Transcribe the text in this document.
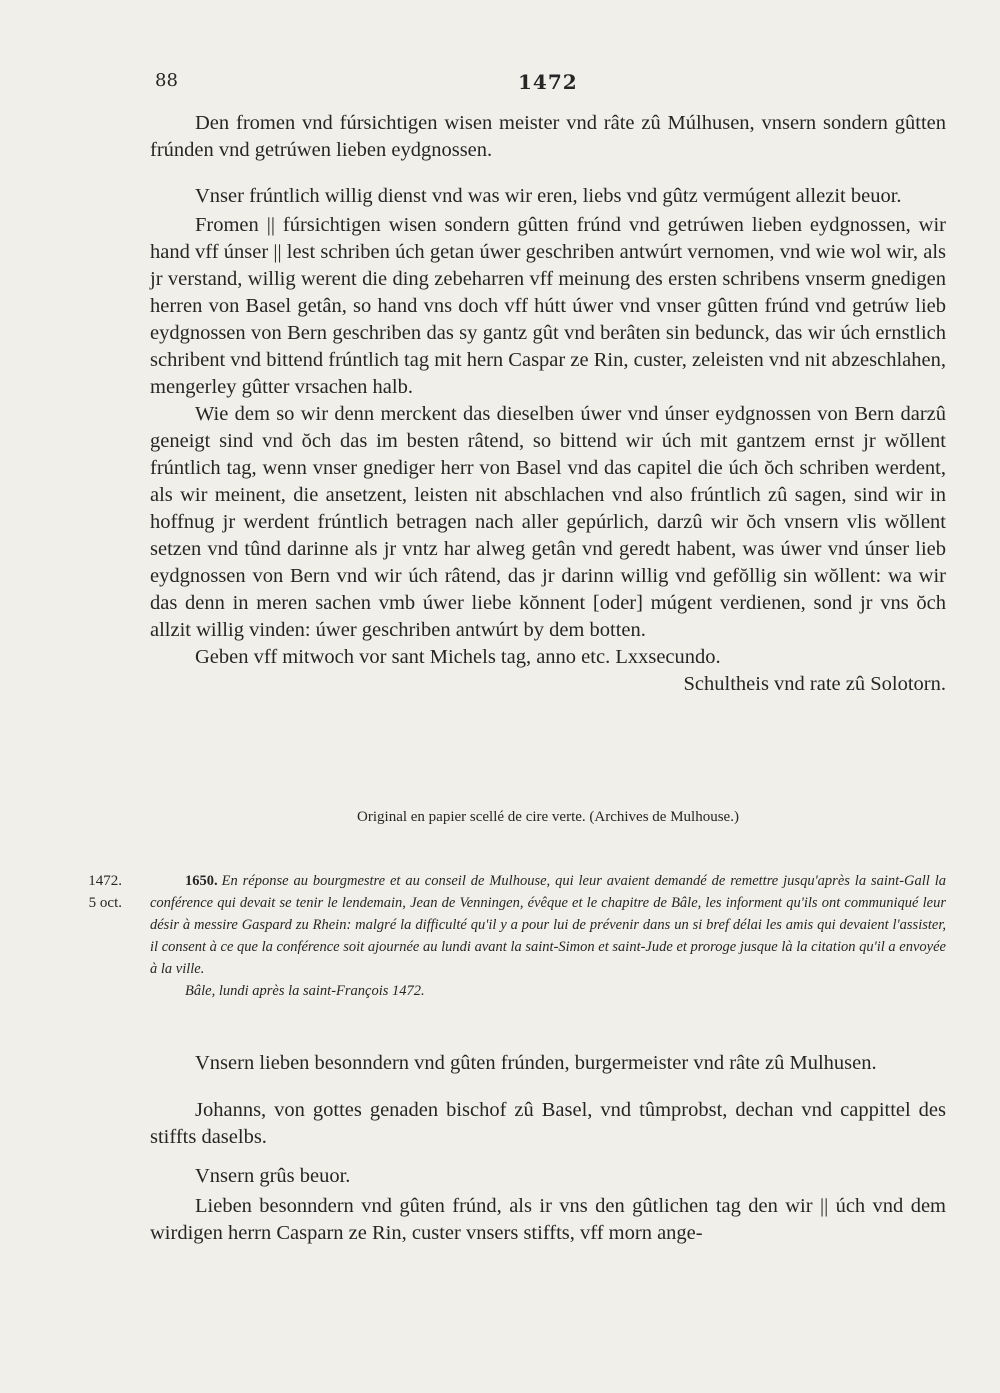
88	1472

Den fromen vnd fúrsichtigen wisen meister vnd râte zû Múlhusen, vnsern sondern gûtten frúnden vnd getrúwen lieben eydgnossen.

Vnser frúntlich willig dienst vnd was wir eren, liebs vnd gûtz vermúgent allezit beuor.

Fromen || fúrsichtigen wisen sondern gûtten frúnd vnd getrúwen lieben eydgnossen, wir hand vff únser || lest schriben úch getan úwer geschriben antwúrt vernomen, vnd wie wol wir, als jr verstand, willig werent die ding zebeharren vff meinung des ersten schribens vnserm gnedigen herren von Basel getân, so hand vns doch vff hútt úwer vnd vnser gûtten frúnd vnd getrúw lieb eydgnossen von Bern geschriben das sy gantz gût vnd berâten sin bedunck, das wir úch ernstlich schribent vnd bittend frúntlich tag mit hern Caspar ze Rin, custer, zeleisten vnd nit abzeschlahen, mengerley gûtter vrsachen halb.

Wie dem so wir denn merckent das dieselben úwer vnd únser eydgnossen von Bern darzû geneigt sind vnd ŏch das im besten râtend, so bittend wir úch mit gantzem ernst jr wŏllent frúntlich tag, wenn vnser gnediger herr von Basel vnd das capitel die úch ŏch schriben werdent, als wir meinent, die ansetzent, leisten nit abschlachen vnd also frúntlich zû sagen, sind wir in hoffnug jr werdent frúntlich betragen nach aller gepúrlich, darzû wir ŏch vnsern vlis wŏllent setzen vnd tûnd darinne als jr vntz har alweg getân vnd geredt habent, was úwer vnd únser lieb eydgnossen von Bern vnd wir úch râtend, das jr darinn willig vnd gefŏllig sin wŏllent: wa wir das denn in meren sachen vmb úwer liebe kŏnnent [oder] múgent verdienen, sond jr vns ŏch allzit willig vinden: úwer geschriben antwúrt by dem botten.

Geben vff mitwoch vor sant Michels tag, anno etc. Lxxsecundo.

Schultheis vnd rate zû Solotorn.

Original en papier scellé de cire verte. (Archives de Mulhouse.)
1472.
5 oct.
1650. En réponse au bourgmestre et au conseil de Mulhouse, qui leur avaient demandé de remettre jusqu'après la saint-Gall la conférence qui devait se tenir le lendemain, Jean de Venningen, évêque et le chapitre de Bâle, les informent qu'ils ont communiqué leur désir à messire Gaspard zu Rhein: malgré la difficulté qu'il y a pour lui de prévenir dans un si bref délai les amis qui devaient l'assister, il consent à ce que la conférence soit ajournée au lundi avant la saint-Simon et saint-Jude et proroge jusque là la citation qu'il a envoyée à la ville.
Bâle, lundi après la saint-François 1472.

Vnsern lieben besonndern vnd gûten frúnden, burgermeister vnd râte zû Mulhusen.

Johanns, von gottes genaden bischof zû Basel, vnd tûmprobst, dechan vnd cappittel des stiffts daselbs.

Vnsern grûs beuor.

Lieben besonndern vnd gûten frúnd, als ir vns den gûtlichen tag den wir || úch vnd dem wirdigen herrn Casparn ze Rin, custer vnsers stiffts, vff morn ange-
